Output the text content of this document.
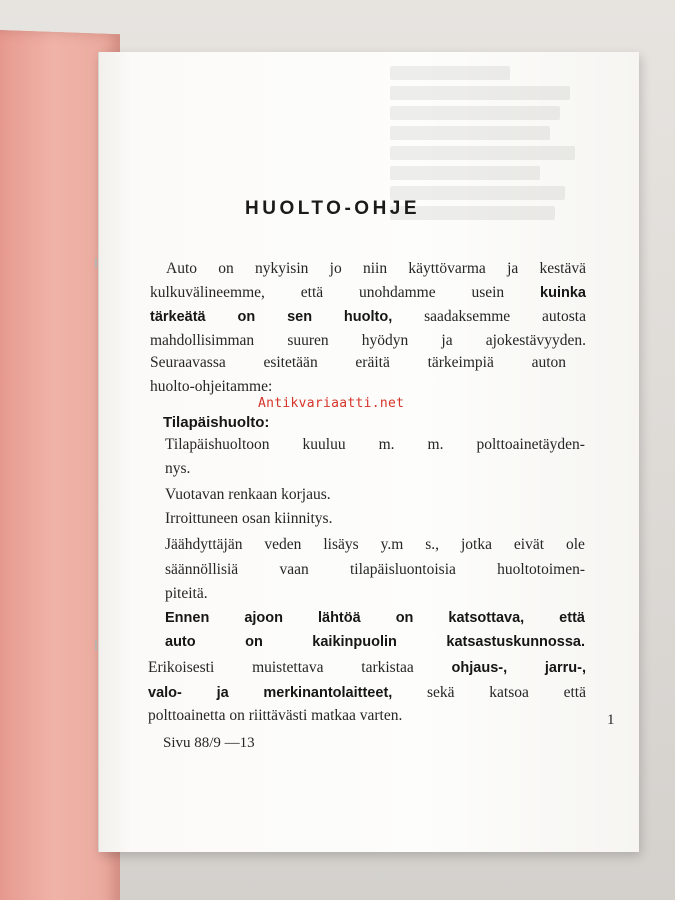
HUOLTO-OHJE
Auto on nykyisin jo niin käyttövarma ja kestävä
kulkuvälineemme, että unohdamme usein kuinka
tärkeätä on sen huolto, saadaksemme autosta
mahdollisimman suuren hyödyn ja ajokestävyyden.
Seuraavassa esitetään eräitä tärkeimpiä auton
huolto-ohjeitamme:
Tilapäishuolto:
Tilapäishuoltoon kuuluu m. m. polttoainetäyden-
nys.
Vuotavan renkaan korjaus.
Irroittuneen osan kiinnitys.
Jäähdyttäjän veden lisäys y.m s., jotka eivät ole
säännöllisiä	vaan	tilapäisluontoisia	huoltotoimen-
piteitä.
Ennen ajoon lähtöä on katsottava, että
auto	on	kaikinpuolin	katsastuskunnossa.
Erikoisesti muistettava tarkistaa	ohjaus-,	jarru-,
valo- ja merkinantolaitteet, sekä katsoa että
polttoainetta on riittävästi matkaa varten.
Antikvariaatti.net
1
Sivu 88/9 —13
